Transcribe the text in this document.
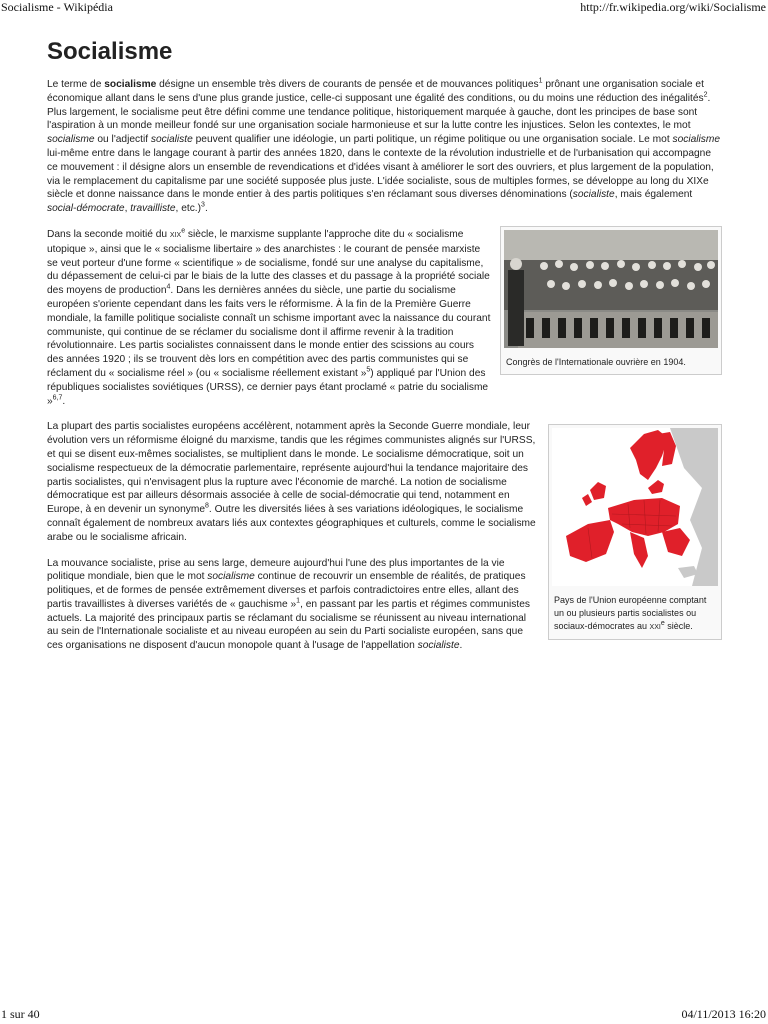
Socialisme - Wikipédia	http://fr.wikipedia.org/wiki/Socialisme
Socialisme

Le terme de socialisme désigne un ensemble très divers de courants de pensée et de mouvances politiques$^1$ prônant une organisation sociale et économique allant dans le sens d'une plus grande justice, celle-ci supposant une égalité des conditions, ou du moins une réduction des inégalités$^2$. Plus largement, le socialisme peut être défini comme une tendance politique, historiquement marquée à gauche, dont les principes de base sont l'aspiration à un monde meilleur fondé sur une organisation sociale harmonieuse et sur la lutte contre les injustices. Selon les contextes, le mot socialisme ou l'adjectif socialiste peuvent qualifier une idéologie, un parti politique, un régime politique ou une organisation sociale. Le mot socialisme lui-même entre dans le langage courant à partir des années 1820, dans le contexte de la révolution industrielle et de l'urbanisation qui accompagne ce mouvement : il désigne alors un ensemble de revendications et d'idées visant à améliorer le sort des ouvriers, et plus largement de la population, via le remplacement du capitalisme par une société supposée plus juste. L'idée socialiste, sous de multiples formes, se développe au long du XIXe siècle et donne naissance dans le monde entier à des partis politiques s'en réclamant sous diverses dénominations (socialiste, mais également social-démocrate, travailliste, etc.)$^3$.

Congrès de l'Internationale ouvrière en 1904.

Dans la seconde moitié du XIXe siècle, le marxisme supplante l'approche dite du « socialisme utopique », ainsi que le « socialisme libertaire » des anarchistes : le courant de pensée marxiste se veut porteur d'une forme « scientifique » de socialisme, fondé sur une analyse du capitalisme, du dépassement de celui-ci par le biais de la lutte des classes et du passage à la propriété sociale des moyens de production$^4$. Dans les dernières années du siècle, une partie du socialisme européen s'oriente cependant dans les faits vers le réformisme. À la fin de la Première Guerre mondiale, la famille politique socialiste connaît un schisme important avec la naissance du courant communiste, qui continue de se réclamer du socialisme dont il affirme revenir à la tradition révolutionnaire. Les partis socialistes connaissent dans le monde entier des scissions au cours des années 1920 ; ils se trouvent dès lors en compétition avec des partis communistes qui se réclament du « socialisme réel » (ou « socialisme réellement existant »$^5$) appliqué par l'Union des républiques socialistes soviétiques (URSS), ce dernier pays étant proclamé « patrie du socialisme »$^{6,7}$.

Pays de l'Union européenne comptant un ou plusieurs partis socialistes ou sociaux-démocrates au XXIe siècle.

La plupart des partis socialistes européens accélèrent, notamment après la Seconde Guerre mondiale, leur évolution vers un réformisme éloigné du marxisme, tandis que les régimes communistes alignés sur l'URSS, et qui se disent eux-mêmes socialistes, se multiplient dans le monde. Le socialisme démocratique, soit un socialisme respectueux de la démocratie parlementaire, représente aujourd'hui la tendance majoritaire des partis socialistes, qui n'envisagent plus la rupture avec l'économie de marché. La notion de socialisme démocratique est par ailleurs désormais associée à celle de social-démocratie qui tend, notamment en Europe, à en devenir un synonyme$^8$. Outre les diversités liées à ses variations idéologiques, le socialisme connaît également de nombreux avatars liés aux contextes géographiques et culturels, comme le socialisme arabe ou le socialisme africain.

La mouvance socialiste, prise au sens large, demeure aujourd'hui l'une des plus importantes de la vie politique mondiale, bien que le mot socialisme continue de recouvrir un ensemble de réalités, de pratiques politiques, et de formes de pensée extrêmement diverses et parfois contradictoires entre elles, allant des partis travaillistes à diverses variétés de « gauchisme »$^1$, en passant par les partis et régimes communistes actuels. La majorité des principaux partis se réclamant du socialisme se réunissent au niveau international au sein de l'Internationale socialiste et au niveau européen au sein du Parti socialiste européen, sans que ces organisations ne disposent d'aucun monopole quant à l'usage de l'appellation socialiste.

1 sur 40	04/11/2013 16:20
